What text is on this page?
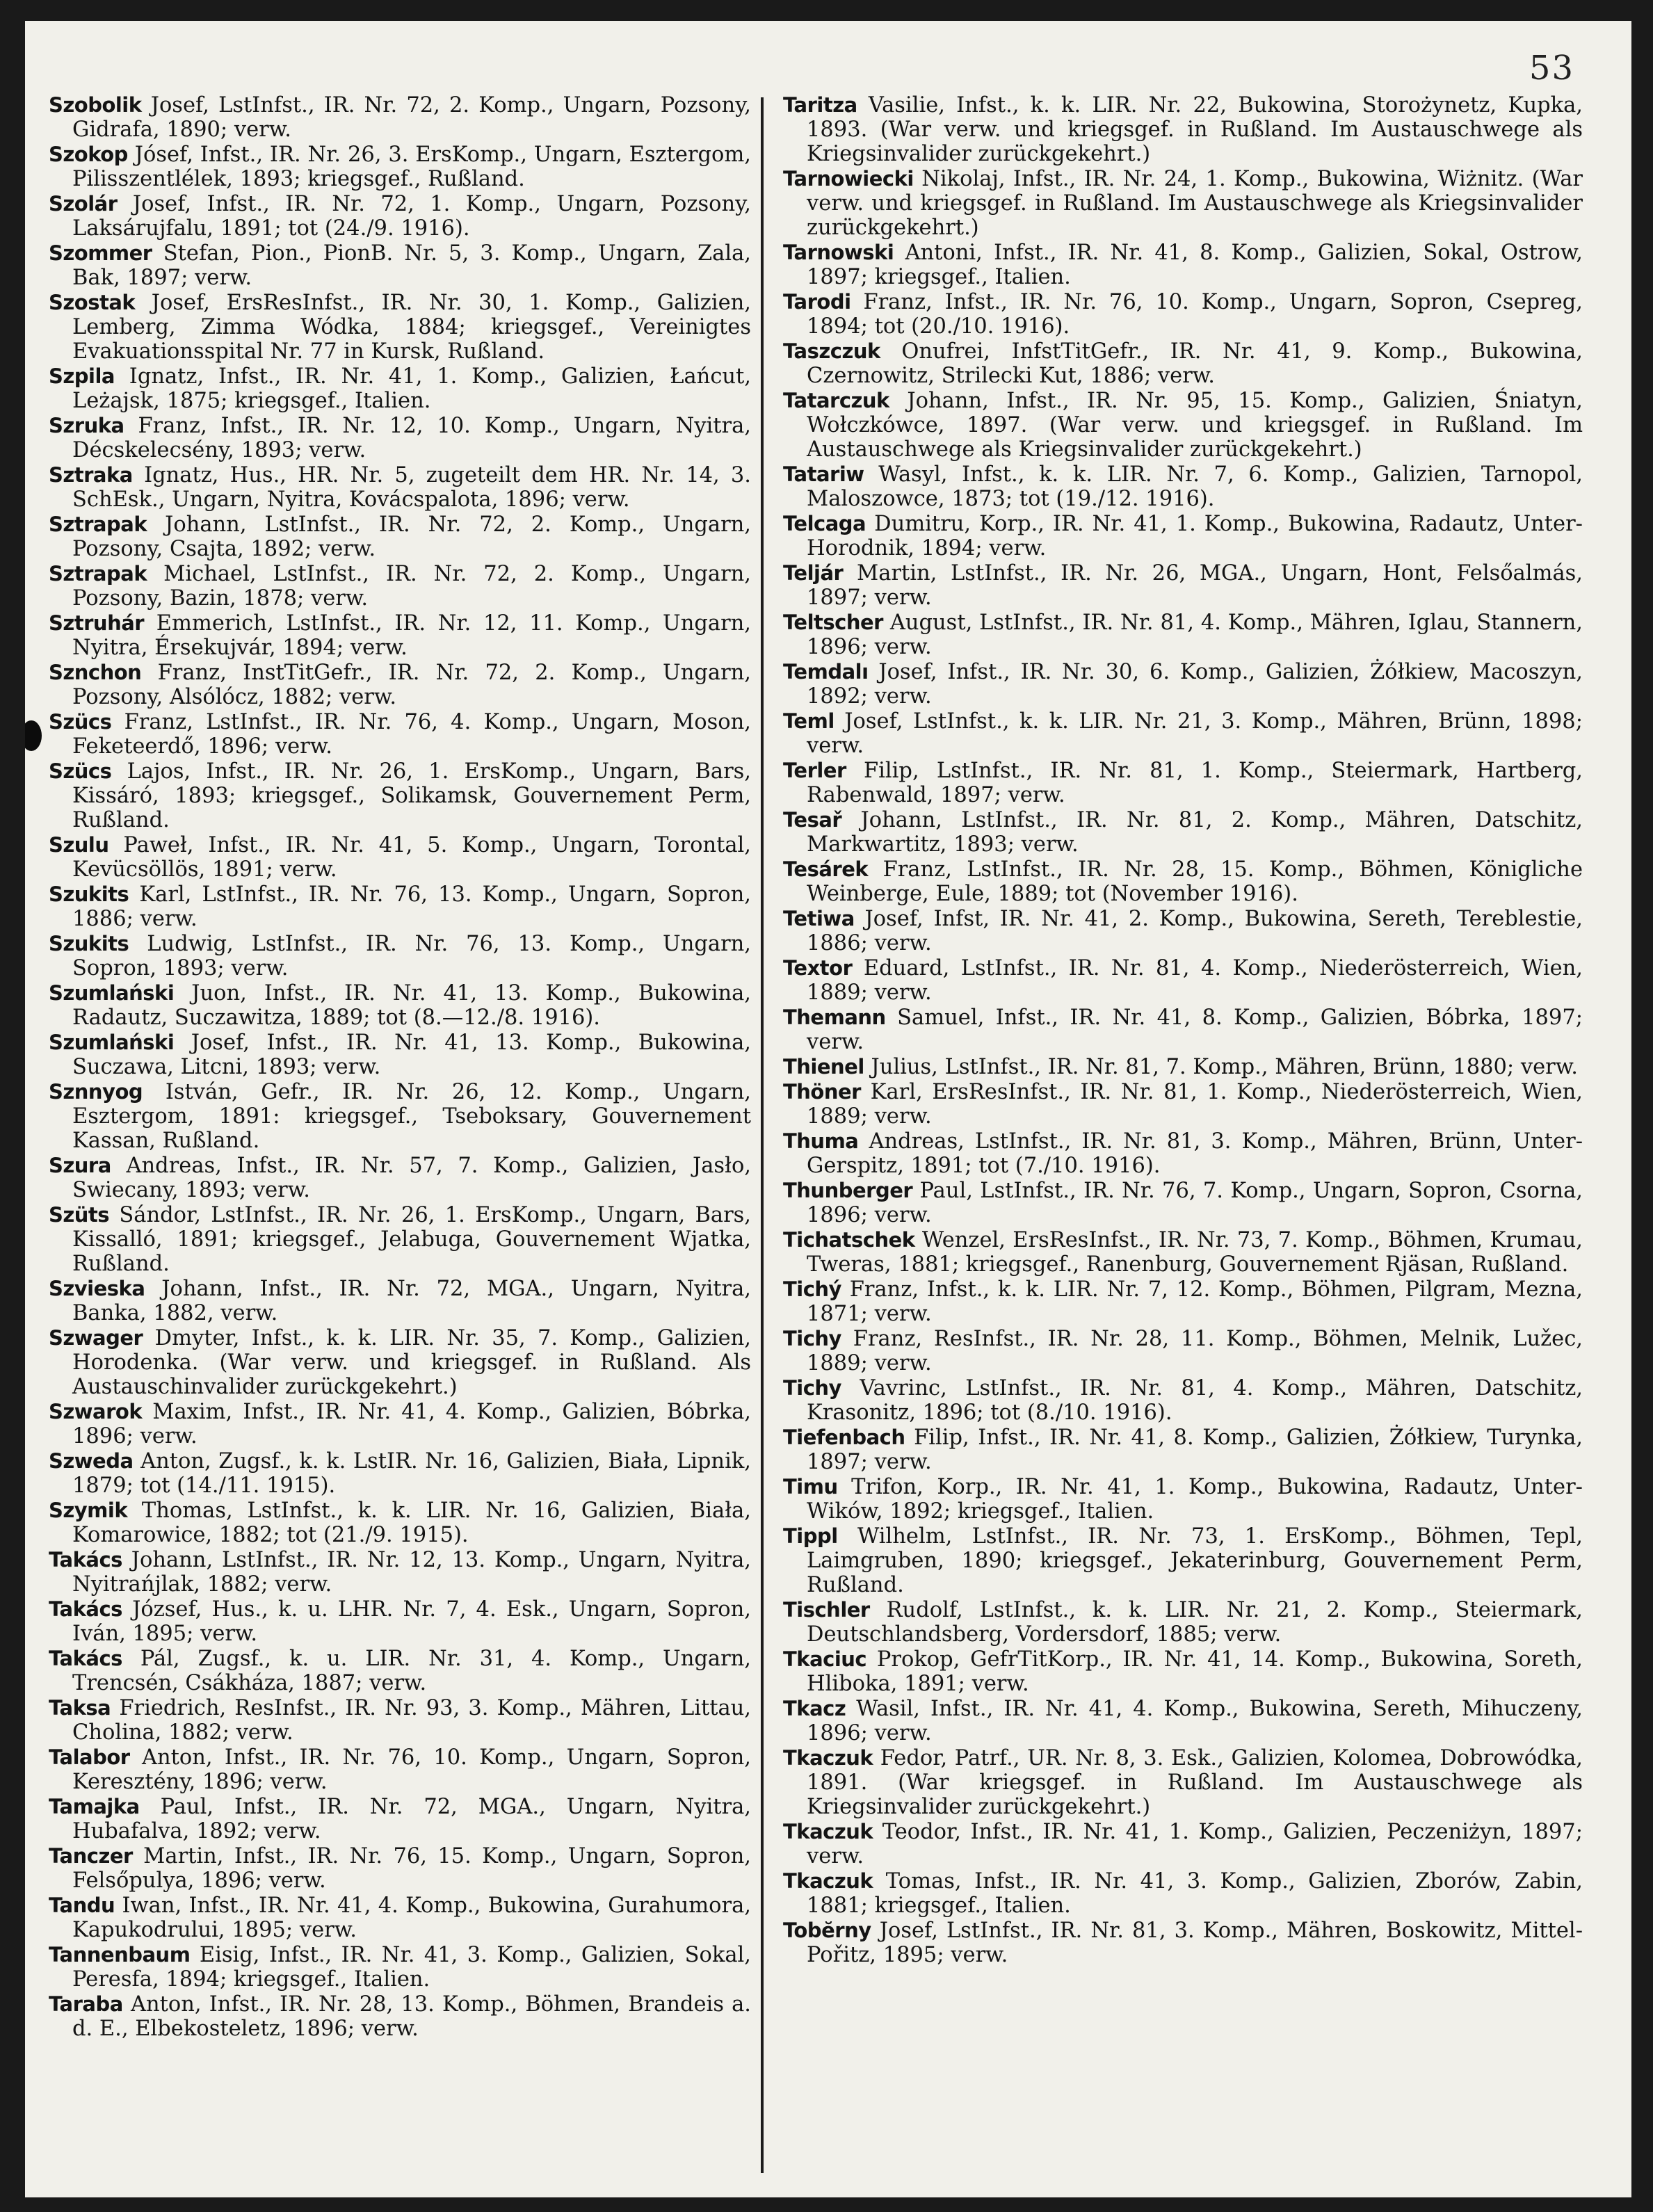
53

Szobolik Josef, LstInfst., IR. Nr. 72, 2. Komp., Ungarn, Pozsony, Gidrafa, 1890; verw.

Szokop Jósef, Infst., IR. Nr. 26, 3. ErsKomp., Ungarn, Esztergom, Pilisszentlélek, 1893; kriegsgef., Rußland.

Szolár Josef, Infst., IR. Nr. 72, 1. Komp., Ungarn, Pozsony, Laksárujfalu, 1891; tot (24./9. 1916).

Szommer Stefan, Pion., PionB. Nr. 5, 3. Komp., Ungarn, Zala, Bak, 1897; verw.

Szostak Josef, ErsResInfst., IR. Nr. 30, 1. Komp., Galizien, Lemberg, Zimma Wódka, 1884; kriegsgef., Vereinigtes Evakuationsspital Nr. 77 in Kursk, Rußland.

Szpila Ignatz, Infst., IR. Nr. 41, 1. Komp., Galizien, Łańcut, Leżajsk, 1875; kriegsgef., Italien.

Szruka Franz, Infst., IR. Nr. 12, 10. Komp., Ungarn, Nyitra, Décskelecsény, 1893; verw.

Sztraka Ignatz, Hus., HR. Nr. 5, zugeteilt dem HR. Nr. 14, 3. SchEsk., Ungarn, Nyitra, Kovácspalota, 1896; verw.

Sztrapak Johann, LstInfst., IR. Nr. 72, 2. Komp., Ungarn, Pozsony, Csajta, 1892; verw.

Sztrapak Michael, LstInfst., IR. Nr. 72, 2. Komp., Ungarn, Pozsony, Bazin, 1878; verw.

Sztruhár Emmerich, LstInfst., IR. Nr. 12, 11. Komp., Ungarn, Nyitra, Érsekujvár, 1894; verw.

Sznchon Franz, InstTitGefr., IR. Nr. 72, 2. Komp., Ungarn, Pozsony, Alsólócz, 1882; verw.

Szücs Franz, LstInfst., IR. Nr. 76, 4. Komp., Ungarn, Moson, Feketeerdő, 1896; verw.

Szücs Lajos, Infst., IR. Nr. 26, 1. ErsKomp., Ungarn, Bars, Kissáró, 1893; kriegsgef., Solikamsk, Gouvernement Perm, Rußland.

Szulu Paweł, Infst., IR. Nr. 41, 5. Komp., Ungarn, Torontal, Kevücsöllös, 1891; verw.

Szukits Karl, LstInfst., IR. Nr. 76, 13. Komp., Ungarn, Sopron, 1886; verw.

Szukits Ludwig, LstInfst., IR. Nr. 76, 13. Komp., Ungarn, Sopron, 1893; verw.

Szumlański Juon, Infst., IR. Nr. 41, 13. Komp., Bukowina, Radautz, Suczawitza, 1889; tot (8.—12./8. 1916).

Szumlański Josef, Infst., IR. Nr. 41, 13. Komp., Bukowina, Suczawa, Litcni, 1893; verw.

Sznnyog István, Gefr., IR. Nr. 26, 12. Komp., Ungarn, Esztergom, 1891: kriegsgef., Tseboksary, Gouvernement Kassan, Rußland.

Szura Andreas, Infst., IR. Nr. 57, 7. Komp., Galizien, Jasło, Swiecany, 1893; verw.

Szüts Sándor, LstInfst., IR. Nr. 26, 1. ErsKomp., Ungarn, Bars, Kissalló, 1891; kriegsgef., Jelabuga, Gouvernement Wjatka, Rußland.

Szvieska Johann, Infst., IR. Nr. 72, MGA., Ungarn, Nyitra, Banka, 1882, verw.

Szwager Dmyter, Infst., k. k. LIR. Nr. 35, 7. Komp., Galizien, Horodenka. (War verw. und kriegsgef. in Rußland. Als Austauschinvalider zurückgekehrt.)

Szwarok Maxim, Infst., IR. Nr. 41, 4. Komp., Galizien, Bóbrka, 1896; verw.

Szweda Anton, Zugsf., k. k. LstIR. Nr. 16, Galizien, Biała, Lipnik, 1879; tot (14./11. 1915).

Szymik Thomas, LstInfst., k. k. LIR. Nr. 16, Galizien, Biała, Komarowice, 1882; tot (21./9. 1915).

Takács Johann, LstInfst., IR. Nr. 12, 13. Komp., Ungarn, Nyitra, Nyitrańjlak, 1882; verw.

Takács József, Hus., k. u. LHR. Nr. 7, 4. Esk., Ungarn, Sopron, Iván, 1895; verw.

Takács Pál, Zugsf., k. u. LIR. Nr. 31, 4. Komp., Ungarn, Trencsén, Csákháza, 1887; verw.

Taksa Friedrich, ResInfst., IR. Nr. 93, 3. Komp., Mähren, Littau, Cholina, 1882; verw.

Talabor Anton, Infst., IR. Nr. 76, 10. Komp., Ungarn, Sopron, Keresztény, 1896; verw.

Tamajka Paul, Infst., IR. Nr. 72, MGA., Ungarn, Nyitra, Hubafalva, 1892; verw.

Tanczer Martin, Infst., IR. Nr. 76, 15. Komp., Ungarn, Sopron, Felsőpulya, 1896; verw.

Tandu Iwan, Infst., IR. Nr. 41, 4. Komp., Bukowina, Gurahumora, Kapukodrului, 1895; verw.

Tannenbaum Eisig, Infst., IR. Nr. 41, 3. Komp., Galizien, Sokal, Peresfa, 1894; kriegsgef., Italien.

Taraba Anton, Infst., IR. Nr. 28, 13. Komp., Böhmen, Brandeis a. d. E., Elbekosteletz, 1896; verw.

Taritza Vasilie, Infst., k. k. LIR. Nr. 22, Bukowina, Storożynetz, Kupka, 1893. (War verw. und kriegsgef. in Rußland. Im Austauschwege als Kriegsinvalider zurückgekehrt.)

Tarnowiecki Nikolaj, Infst., IR. Nr. 24, 1. Komp., Bukowina, Wiżnitz. (War verw. und kriegsgef. in Rußland. Im Austauschwege als Kriegsinvalider zurückgekehrt.)

Tarnowski Antoni, Infst., IR. Nr. 41, 8. Komp., Galizien, Sokal, Ostrow, 1897; kriegsgef., Italien.

Tarodi Franz, Infst., IR. Nr. 76, 10. Komp., Ungarn, Sopron, Csepreg, 1894; tot (20./10. 1916).

Taszczuk Onufrei, InfstTitGefr., IR. Nr. 41, 9. Komp., Bukowina, Czernowitz, Strilecki Kut, 1886; verw.

Tatarczuk Johann, Infst., IR. Nr. 95, 15. Komp., Galizien, Śniatyn, Wołczkówce, 1897. (War verw. und kriegsgef. in Rußland. Im Austauschwege als Kriegsinvalider zurückgekehrt.)

Tatariw Wasyl, Infst., k. k. LIR. Nr. 7, 6. Komp., Galizien, Tarnopol, Maloszowce, 1873; tot (19./12. 1916).

Telcaga Dumitru, Korp., IR. Nr. 41, 1. Komp., Bukowina, Radautz, Unter-Horodnik, 1894; verw.

Teljár Martin, LstInfst., IR. Nr. 26, MGA., Ungarn, Hont, Felsőalmás, 1897; verw.

Teltscher August, LstInfst., IR. Nr. 81, 4. Komp., Mähren, Iglau, Stannern, 1896; verw.

Temdalı Josef, Infst., IR. Nr. 30, 6. Komp., Galizien, Żółkiew, Macoszyn, 1892; verw.

Teml Josef, LstInfst., k. k. LIR. Nr. 21, 3. Komp., Mähren, Brünn, 1898; verw.

Terler Filip, LstInfst., IR. Nr. 81, 1. Komp., Steiermark, Hartberg, Rabenwald, 1897; verw.

Tesař Johann, LstInfst., IR. Nr. 81, 2. Komp., Mähren, Datschitz, Markwartitz, 1893; verw.

Tesárek Franz, LstInfst., IR. Nr. 28, 15. Komp., Böhmen, Königliche Weinberge, Eule, 1889; tot (November 1916).

Tetiwa Josef, Infst, IR. Nr. 41, 2. Komp., Bukowina, Sereth, Tereblestie, 1886; verw.

Textor Eduard, LstInfst., IR. Nr. 81, 4. Komp., Niederösterreich, Wien, 1889; verw.

Themann Samuel, Infst., IR. Nr. 41, 8. Komp., Galizien, Bóbrka, 1897; verw.

Thienel Julius, LstInfst., IR. Nr. 81, 7. Komp., Mähren, Brünn, 1880; verw.

Thöner Karl, ErsResInfst., IR. Nr. 81, 1. Komp., Niederösterreich, Wien, 1889; verw.

Thuma Andreas, LstInfst., IR. Nr. 81, 3. Komp., Mähren, Brünn, Unter-Gerspitz, 1891; tot (7./10. 1916).

Thunberger Paul, LstInfst., IR. Nr. 76, 7. Komp., Ungarn, Sopron, Csorna, 1896; verw.

Tichatschek Wenzel, ErsResInfst., IR. Nr. 73, 7. Komp., Böhmen, Krumau, Tweras, 1881; kriegsgef., Ranenburg, Gouvernement Rjäsan, Rußland.

Tichý Franz, Infst., k. k. LIR. Nr. 7, 12. Komp., Böhmen, Pilgram, Mezna, 1871; verw.

Tichy Franz, ResInfst., IR. Nr. 28, 11. Komp., Böhmen, Melnik, Lužec, 1889; verw.

Tichy Vavrinc, LstInfst., IR. Nr. 81, 4. Komp., Mähren, Datschitz, Krasonitz, 1896; tot (8./10. 1916).

Tiefenbach Filip, Infst., IR. Nr. 41, 8. Komp., Galizien, Żółkiew, Turynka, 1897; verw.

Timu Trifon, Korp., IR. Nr. 41, 1. Komp., Bukowina, Radautz, Unter-Wików, 1892; kriegsgef., Italien.

Tippl Wilhelm, LstInfst., IR. Nr. 73, 1. ErsKomp., Böhmen, Tepl, Laimgruben, 1890; kriegsgef., Jekaterinburg, Gouvernement Perm, Rußland.

Tischler Rudolf, LstInfst., k. k. LIR. Nr. 21, 2. Komp., Steiermark, Deutschlandsberg, Vordersdorf, 1885; verw.

Tkaciuc Prokop, GefrTitKorp., IR. Nr. 41, 14. Komp., Bukowina, Soreth, Hliboka, 1891; verw.

Tkacz Wasil, Infst., IR. Nr. 41, 4. Komp., Bukowina, Sereth, Mihuczeny, 1896; verw.

Tkaczuk Fedor, Patrf., UR. Nr. 8, 3. Esk., Galizien, Kolomea, Dobrowódka, 1891. (War kriegsgef. in Rußland. Im Austauschwege als Kriegsinvalider zurückgekehrt.)

Tkaczuk Teodor, Infst., IR. Nr. 41, 1. Komp., Galizien, Peczeniżyn, 1897; verw.

Tkaczuk Tomas, Infst., IR. Nr. 41, 3. Komp., Galizien, Zborów, Zabin, 1881; kriegsgef., Italien.

Tobĕrny Josef, LstInfst., IR. Nr. 81, 3. Komp., Mähren, Boskowitz, Mittel-Pořitz, 1895; verw.
